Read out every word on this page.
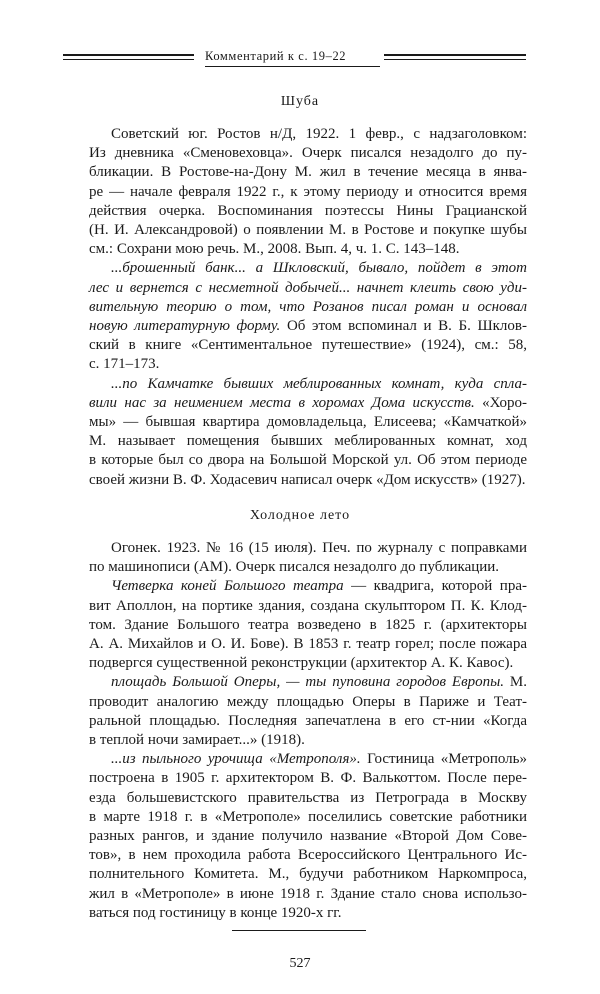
Комментарий к с. 19–22
Шуба
Советский юг. Ростов н/Д, 1922. 1 февр., с надзаголовком:
Из дневника «Сменовеховца». Очерк писался незадолго до пу-
бликации. В Ростове-на-Дону М. жил в течение месяца в янва-
ре — начале февраля 1922 г., к этому периоду и относится время
действия очерка. Воспоминания поэтессы Нины Грацианской
(Н. И. Александровой) о появлении М. в Ростове и покупке шубы
см.: Сохрани мою речь. М., 2008. Вып. 4, ч. 1. С. 143–148.
...брошенный банк... а Шкловский, бывало, пойдет в этот
лес и вернется с несметной добычей... начнет клеить свою уди-
вительную теорию о том, что Розанов писал роман и основал
новую литературную форму. Об этом вспоминал и В. Б. Шклов-
ский в книге «Сентиментальное путешествие» (1924), см.: 58,
с. 171–173.
...по Камчатке бывших меблированных комнат, куда спла-
вили нас за неимением места в хоромах Дома искусств. «Хоро-
мы» — бывшая квартира домовладельца, Елисеева; «Камчаткой»
М. называет помещения бывших меблированных комнат, ход
в которые был со двора на Большой Морской ул. Об этом периоде
своей жизни В. Ф. Ходасевич написал очерк «Дом искусств» (1927).
Холодное лето
Огонек. 1923. № 16 (15 июля). Печ. по журналу с поправками
по машинописи (АМ). Очерк писался незадолго до публикации.
Четверка коней Большого театра — квадрига, которой пра-
вит Аполлон, на портике здания, создана скульптором П. К. Клод-
том. Здание Большого театра возведено в 1825 г. (архитекторы
А. А. Михайлов и О. И. Бове). В 1853 г. театр горел; после пожара
подвергся существенной реконструкции (архитектор А. К. Кавос).
площадь Большой Оперы, — ты пуповина городов Европы. М.
проводит аналогию между площадью Оперы в Париже и Теат-
ральной площадью. Последняя запечатлена в его ст-нии «Когда
в теплой ночи замирает...» (1918).
...из пыльного урочища «Метрополя». Гостиница «Метрополь»
построена в 1905 г. архитектором В. Ф. Валькоттом. После пере-
езда большевистского правительства из Петрограда в Москву
в марте 1918 г. в «Метрополе» поселились советские работники
разных рангов, и здание получило название «Второй Дом Сове-
тов», в нем проходила работа Всероссийского Центрального Ис-
полнительного Комитета. М., будучи работником Наркомпроса,
жил в «Метрополе» в июне 1918 г. Здание стало снова использо-
ваться под гостиницу в конце 1920-х гг.
527
